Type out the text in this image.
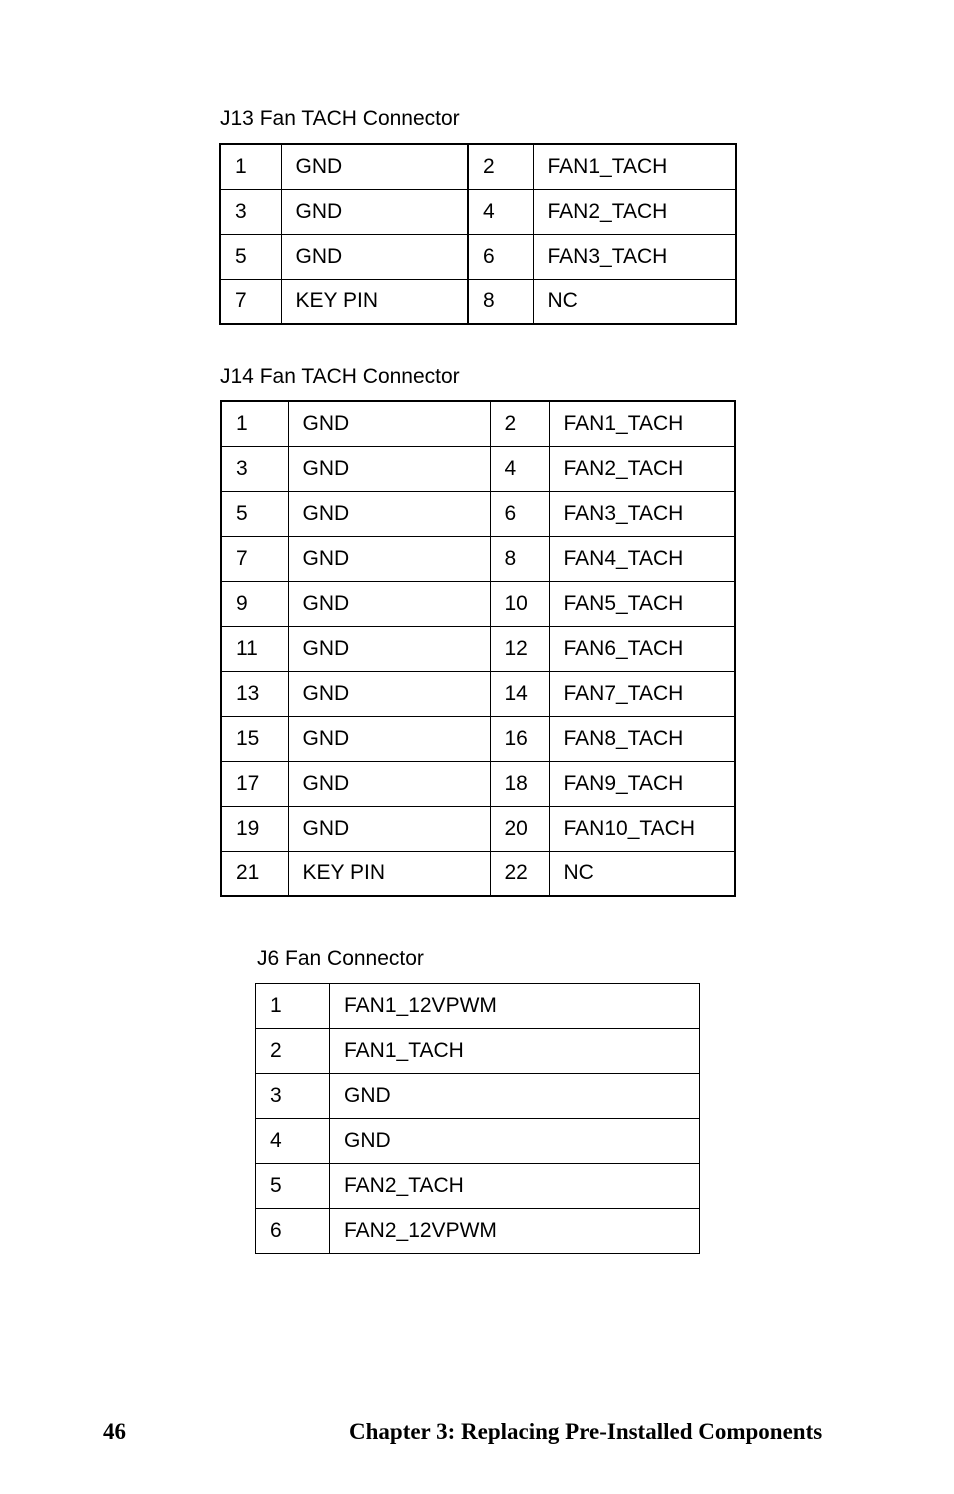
J13 Fan TACH Connector
1	GND	2	FAN1_TACH
3	GND	4	FAN2_TACH
5	GND	6	FAN3_TACH
7	KEY PIN	8	NC
J14 Fan TACH Connector
1	GND	2	FAN1_TACH
3	GND	4	FAN2_TACH
5	GND	6	FAN3_TACH
7	GND	8	FAN4_TACH
9	GND	10	FAN5_TACH
11	GND	12	FAN6_TACH
13	GND	14	FAN7_TACH
15	GND	16	FAN8_TACH
17	GND	18	FAN9_TACH
19	GND	20	FAN10_TACH
21	KEY PIN	22	NC
J6 Fan Connector
1	FAN1_12VPWM
2	FAN1_TACH
3	GND
4	GND
5	FAN2_TACH
6	FAN2_12VPWM
46	Chapter 3: Replacing Pre-Installed Components
